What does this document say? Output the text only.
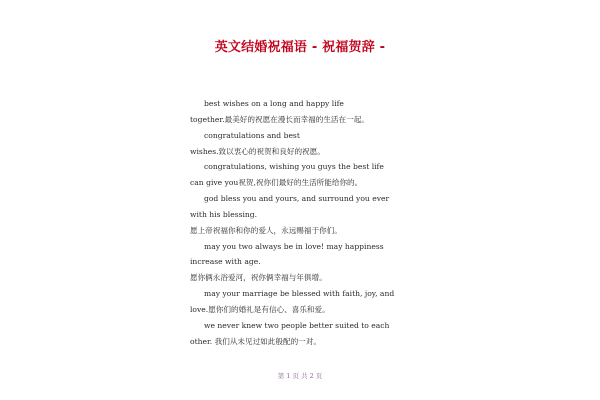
英文结婚祝福语 - 祝福贺辞 -
best wishes on a long and happy life
together.最美好的祝愿在漫长而幸福的生活在一起。
congratulations and best
wishes.致以衷心的祝贺和良好的祝愿。
congratulations, wishing you guys the best life
can give you祝贺,祝你们最好的生活所能给你的。
god bless you and yours, and surround you ever
with his blessing.
愿上帝祝福你和你的爱人，永远赐福于你们。
may you two always be in love! may happiness
increase with age.
愿你俩永浴爱河，祝你俩幸福与年俱增。
may your marriage be blessed with faith, joy, and
love.愿你们的婚礼是有信心、喜乐和爱。
we never knew two people better suited to each
other. 我们从未见过如此般配的一对。
第 1 页 共 2 页
